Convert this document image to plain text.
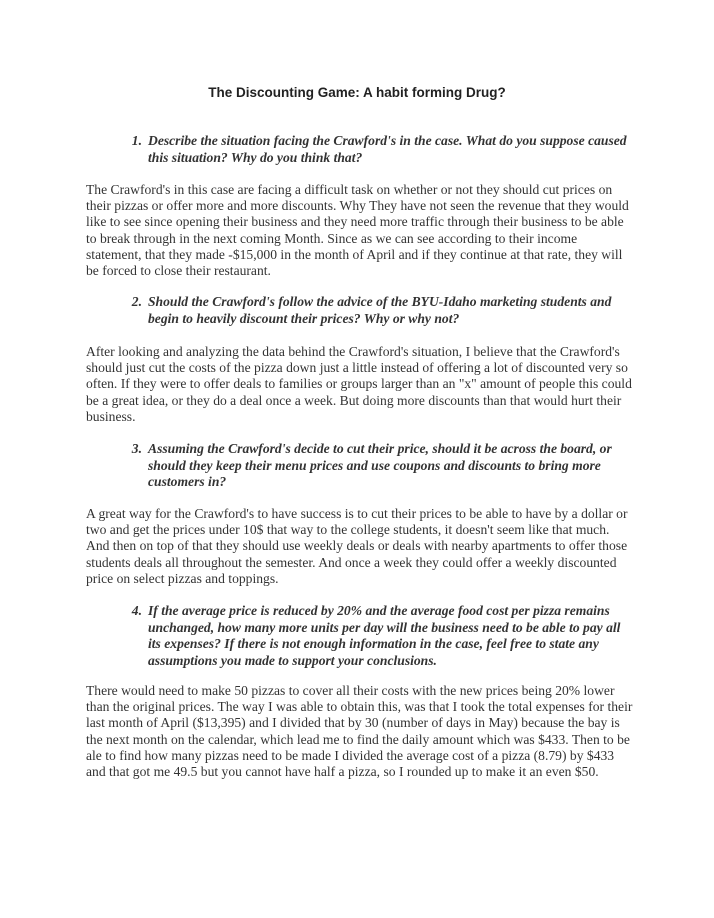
The Discounting Game: A habit forming Drug?
1. Describe the situation facing the Crawford's in the case. What do you suppose caused this situation? Why do you think that?

The Crawford's in this case are facing a difficult task on whether or not they should cut prices on their pizzas or offer more and more discounts. Why They have not seen the revenue that they would like to see since opening their business and they need more traffic through their business to be able to break through in the next coming Month. Since as we can see according to their income statement, that they made -$15,000 in the month of April and if they continue at that rate, they will be forced to close their restaurant.

2. Should the Crawford's follow the advice of the BYU-Idaho marketing students and begin to heavily discount their prices? Why or why not?

After looking and analyzing the data behind the Crawford's situation, I believe that the Crawford's should just cut the costs of the pizza down just a little instead of offering a lot of discounted very so often. If they were to offer deals to families or groups larger than an "x" amount of people this could be a great idea, or they do a deal once a week. But doing more discounts than that would hurt their business.

3. Assuming the Crawford's decide to cut their price, should it be across the board, or should they keep their menu prices and use coupons and discounts to bring more customers in?

A great way for the Crawford's to have success is to cut their prices to be able to have by a dollar or two and get the prices under 10$ that way to the college students, it doesn't seem like that much. And then on top of that they should use weekly deals or deals with nearby apartments to offer those students deals all throughout the semester. And once a week they could offer a weekly discounted price on select pizzas and toppings.

4. If the average price is reduced by 20% and the average food cost per pizza remains unchanged, how many more units per day will the business need to be able to pay all its expenses? If there is not enough information in the case, feel free to state any assumptions you made to support your conclusions.

There would need to make 50 pizzas to cover all their costs with the new prices being 20% lower than the original prices. The way I was able to obtain this, was that I took the total expenses for their last month of April ($13,395) and I divided that by 30 (number of days in May) because the bay is the next month on the calendar, which lead me to find the daily amount which was $433. Then to be ale to find how many pizzas need to be made I divided the average cost of a pizza (8.79) by $433 and that got me 49.5 but you cannot have half a pizza, so I rounded up to make it an even $50.
